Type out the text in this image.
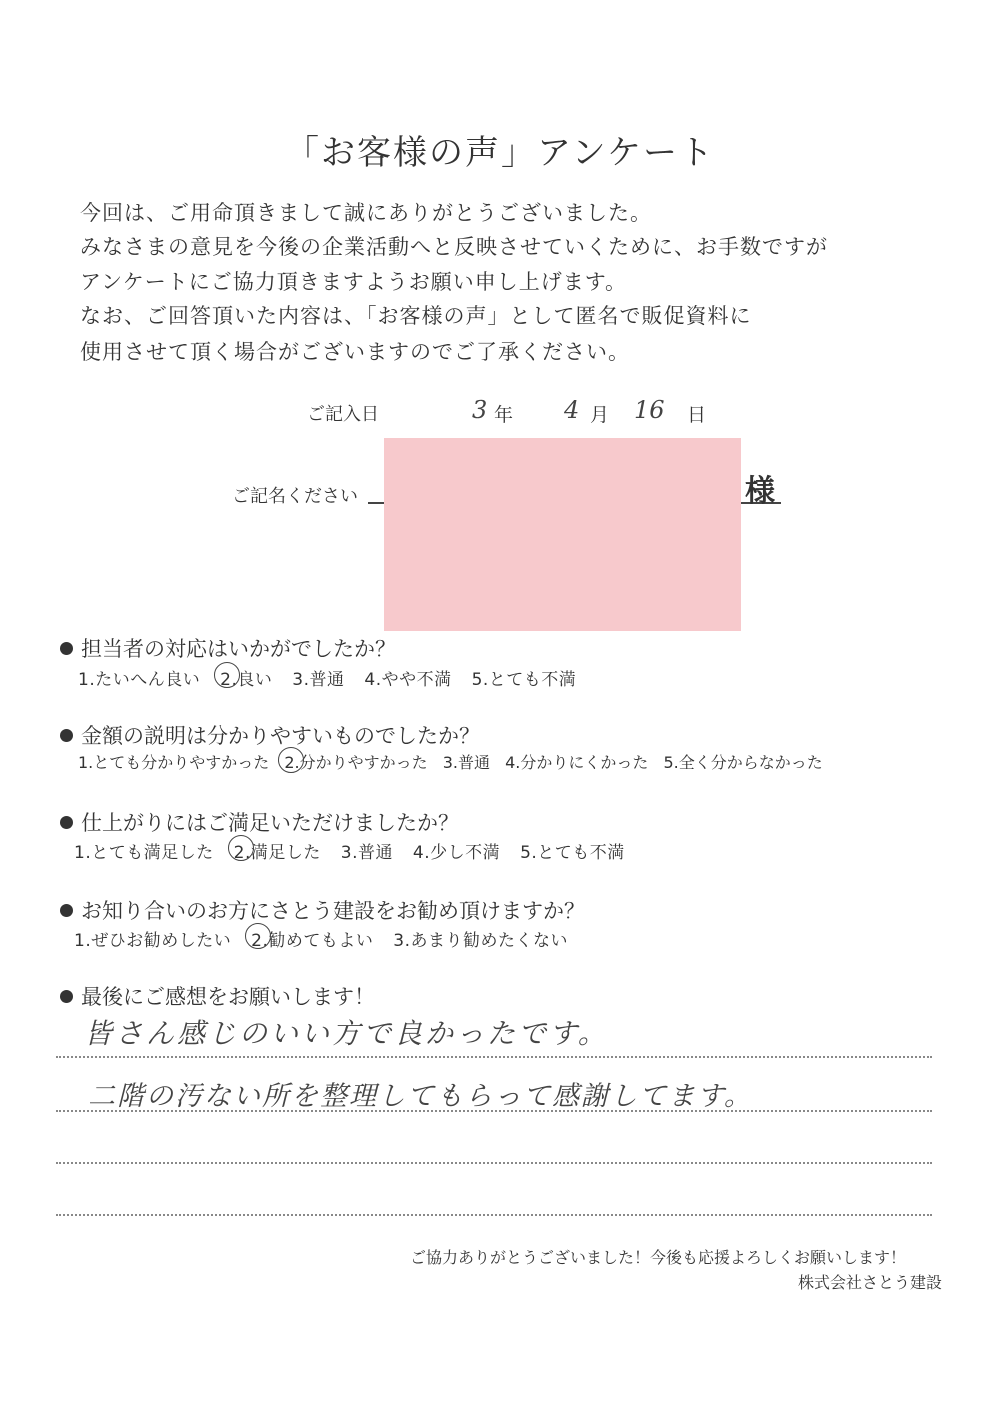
「お客様の声」アンケート
今回は、ご用命頂きまして誠にありがとうございました。
みなさまの意見を今後の企業活動へと反映させていくために、お手数ですが
アンケートにご協力頂きますようお願い申し上げます。
なお、ご回答頂いた内容は、「お客様の声」として匿名で販促資料に
使用させて頂く場合がございますのでご了承ください。
ご記入日	3 年 4 月 16 日
ご記名ください	様
担当者の対応はいかがでしたか？
1.たいへん良い 2.良い 3.普通 4.やや不満 5.とても不満
金額の説明は分かりやすいものでしたか？
1.とても分かりやすかった 2.分かりやすかった 3.普通 4.分かりにくかった 5.全く分からなかった
仕上がりにはご満足いただけましたか？
1.とても満足した 2.満足した 3.普通 4.少し不満 5.とても不満
お知り合いのお方にさとう建設をお勧め頂けますか？
1.ぜひお勧めしたい 2.勧めてもよい 3.あまり勧めたくない
最後にご感想をお願いします！
皆さん感じのいい方で良かったです。
二階の汚ない所を整理してもらって感謝してます。
ご協力ありがとうございました！今後も応援よろしくお願いします！
株式会社さとう建設
